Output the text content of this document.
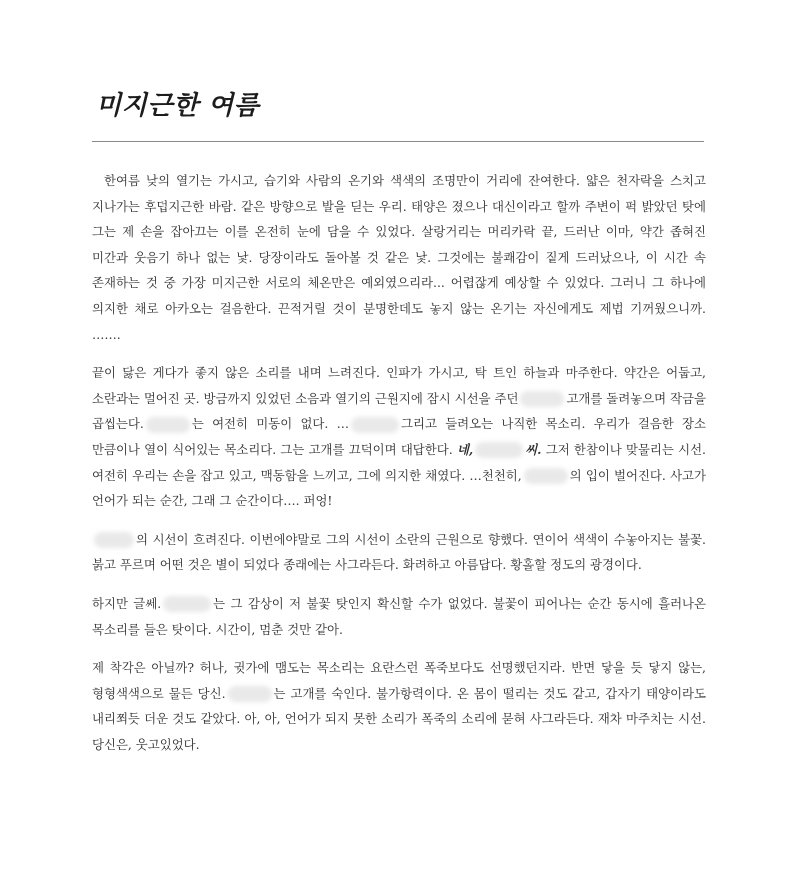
미지근한 여름

한여름 낮의 열기는 가시고, 습기와 사람의 온기와 색색의 조명만이 거리에 잔여한다. 얇은 천자락을 스치고 지나가는 후덥지근한 바람. 같은 방향으로 발을 딛는 우리. 태양은 졌으나 대신이라고 할까 주변이 퍽 밝았던 탓에 그는 제 손을 잡아끄는 이를 온전히 눈에 담을 수 있었다. 살랑거리는 머리카락 끝, 드러난 이마, 약간 좁혀진 미간과 웃음기 하나 없는 낯. 당장이라도 돌아볼 것 같은 낯. 그것에는 불쾌감이 짙게 드러났으나, 이 시간 속 존재하는 것 중 가장 미지근한 서로의 체온만은 예외였으리라... 어렵잖게 예상할 수 있었다. 그러니 그 하나에 의지한 채로 아카오는 걸음한다. 끈적거릴 것이 분명한데도 놓지 않는 온기는 자신에게도 제법 기꺼웠으니까. …….

끝이 닳은 게다가 좋지 않은 소리를 내며 느려진다. 인파가 가시고, 탁 트인 하늘과 마주한다. 약간은 어둡고, 소란과는 멀어진 곳. 방금까지 있었던 소음과 열기의 근원지에 잠시 시선을 주던	고개를 돌려놓으며 작금을 곱씹는다.	는 여전히 미동이 없다. …	그리고 들려오는 나직한 목소리. 우리가 걸음한 장소 만큼이나 열이 식어있는 목소리다. 그는 고개를 끄덕이며 대답한다. 네,	씨. 그저 한참이나 맞물리는 시선. 여전히 우리는 손을 잡고 있고, 맥동함을 느끼고, 그에 의지한 채였다. …천천히,	의 입이 벌어진다. 사고가 언어가 되는 순간, 그래 그 순간이다…. 퍼엉!

의 시선이 흐려진다. 이번에야말로 그의 시선이 소란의 근원으로 향했다. 연이어 색색이 수놓아지는 불꽃. 붉고 푸르며 어떤 것은 별이 되었다 종래에는 사그라든다. 화려하고 아름답다. 황홀할 정도의 광경이다.

하지만 글쎄.	는 그 감상이 저 불꽃 탓인지 확신할 수가 없었다. 불꽃이 피어나는 순간 동시에 흘러나온 목소리를 들은 탓이다. 시간이, 멈춘 것만 같아.

제 착각은 아닐까? 허나, 귓가에 맴도는 목소리는 요란스런 폭죽보다도 선명했던지라. 반면 닿을 듯 닿지 않는, 형형색색으로 물든 당신.	는 고개를 숙인다. 불가항력이다. 온 몸이 떨리는 것도 같고, 갑자기 태양이라도 내리쬐듯 더운 것도 같았다. 아, 아, 언어가 되지 못한 소리가 폭죽의 소리에 묻혀 사그라든다. 재차 마주치는 시선. 당신은, 웃고있었다.
